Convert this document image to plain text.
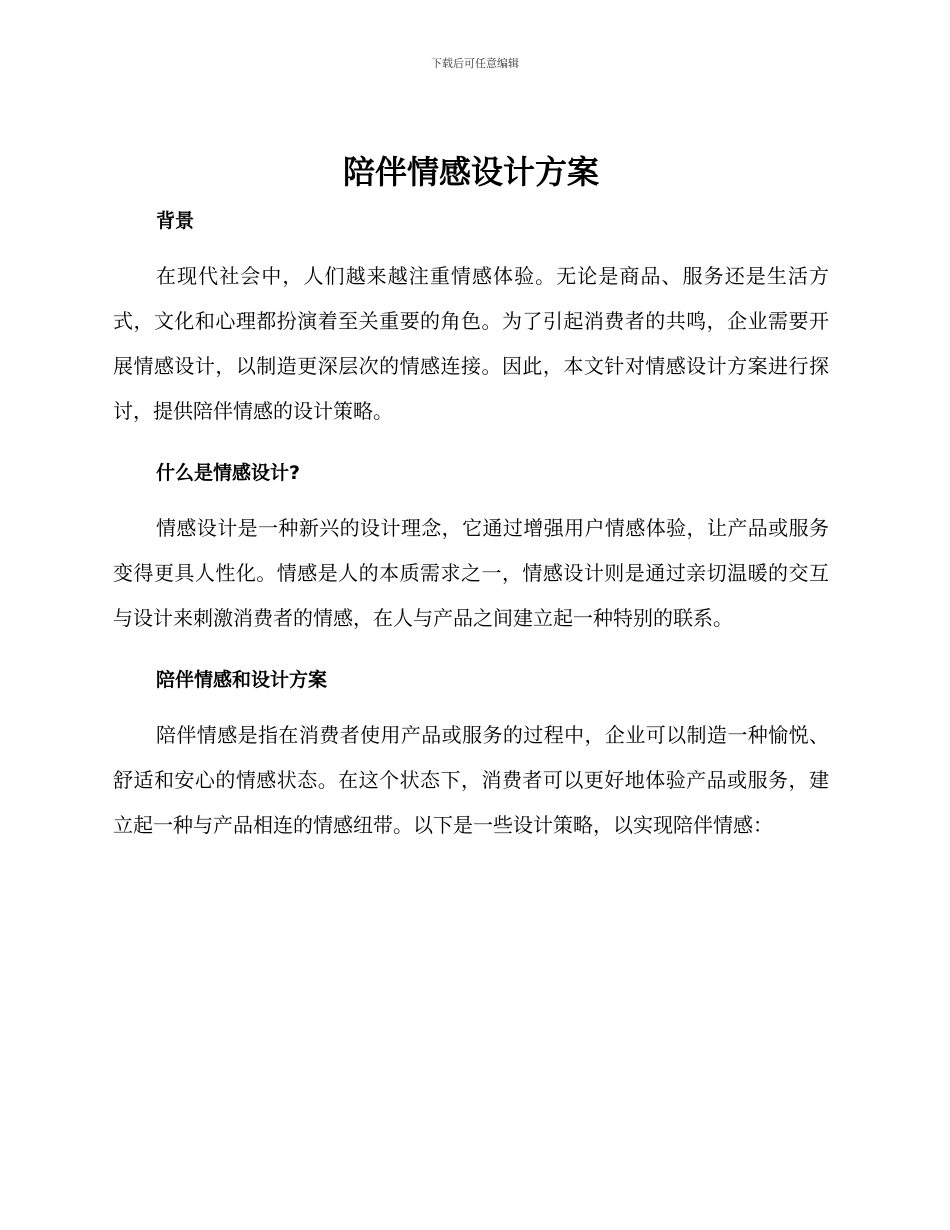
下载后可任意编辑
陪伴情感设计方案
背景

在现代社会中，人们越来越注重情感体验。无论是商品、服务还是生活方式，文化和心理都扮演着至关重要的角色。为了引起消费者的共鸣，企业需要开展情感设计，以制造更深层次的情感连接。因此，本文针对情感设计方案进行探讨，提供陪伴情感的设计策略。

什么是情感设计?

情感设计是一种新兴的设计理念，它通过增强用户情感体验，让产品或服务变得更具人性化。情感是人的本质需求之一，情感设计则是通过亲切温暖的交互与设计来刺激消费者的情感，在人与产品之间建立起一种特别的联系。

陪伴情感和设计方案

陪伴情感是指在消费者使用产品或服务的过程中，企业可以制造一种愉悦、舒适和安心的情感状态。在这个状态下，消费者可以更好地体验产品或服务，建立起一种与产品相连的情感纽带。以下是一些设计策略，以实现陪伴情感：
